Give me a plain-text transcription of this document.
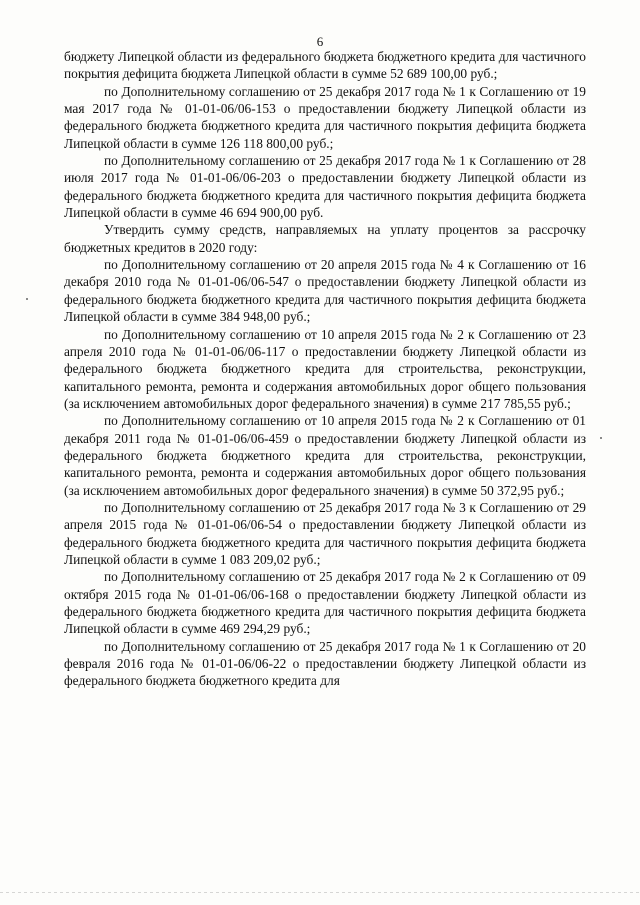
6

бюджету Липецкой области из федерального бюджета бюджетного кредита для частичного покрытия дефицита бюджета Липецкой области в сумме 52 689 100,00 руб.;

по Дополнительному соглашению от 25 декабря 2017 года № 1 к Соглашению от 19 мая 2017 года № 01-01-06/06-153 о предоставлении бюджету Липецкой области из федерального бюджета бюджетного кредита для частичного покрытия дефицита бюджета Липецкой области в сумме 126 118 800,00 руб.;

по Дополнительному соглашению от 25 декабря 2017 года № 1 к Соглашению от 28 июля 2017 года № 01-01-06/06-203 о предоставлении бюджету Липецкой области из федерального бюджета бюджетного кредита для частичного покрытия дефицита бюджета Липецкой области в сумме 46 694 900,00 руб.

Утвердить сумму средств, направляемых на уплату процентов за рассрочку бюджетных кредитов в 2020 году:

по Дополнительному соглашению от 20 апреля 2015 года № 4 к Соглашению от 16 декабря 2010 года № 01-01-06/06-547 о предоставлении бюджету Липецкой области из федерального бюджета бюджетного кредита для частичного покрытия дефицита бюджета Липецкой области в сумме 384 948,00 руб.;

по Дополнительному соглашению от 10 апреля 2015 года № 2 к Соглашению от 23 апреля 2010 года № 01-01-06/06-117 о предоставлении бюджету Липецкой области из федерального бюджета бюджетного кредита для строительства, реконструкции, капитального ремонта, ремонта и содержания автомобильных дорог общего пользования (за исключением автомобильных дорог федерального значения) в сумме 217 785,55 руб.;

по Дополнительному соглашению от 10 апреля 2015 года № 2 к Соглашению от 01 декабря 2011 года № 01-01-06/06-459 о предоставлении бюджету Липецкой области из федерального бюджета бюджетного кредита для строительства, реконструкции, капитального ремонта, ремонта и содержания автомобильных дорог общего пользования (за исключением автомобильных дорог федерального значения) в сумме 50 372,95 руб.;

по Дополнительному соглашению от 25 декабря 2017 года № 3 к Соглашению от 29 апреля 2015 года № 01-01-06/06-54 о предоставлении бюджету Липецкой области из федерального бюджета бюджетного кредита для частичного покрытия дефицита бюджета Липецкой области в сумме 1 083 209,02 руб.;

по Дополнительному соглашению от 25 декабря 2017 года № 2 к Соглашению от 09 октября 2015 года № 01-01-06/06-168 о предоставлении бюджету Липецкой области из федерального бюджета бюджетного кредита для частичного покрытия дефицита бюджета Липецкой области в сумме 469 294,29 руб.;

по Дополнительному соглашению от 25 декабря 2017 года № 1 к Соглашению от 20 февраля 2016 года № 01-01-06/06-22 о предоставлении бюджету Липецкой области из федерального бюджета бюджетного кредита для
